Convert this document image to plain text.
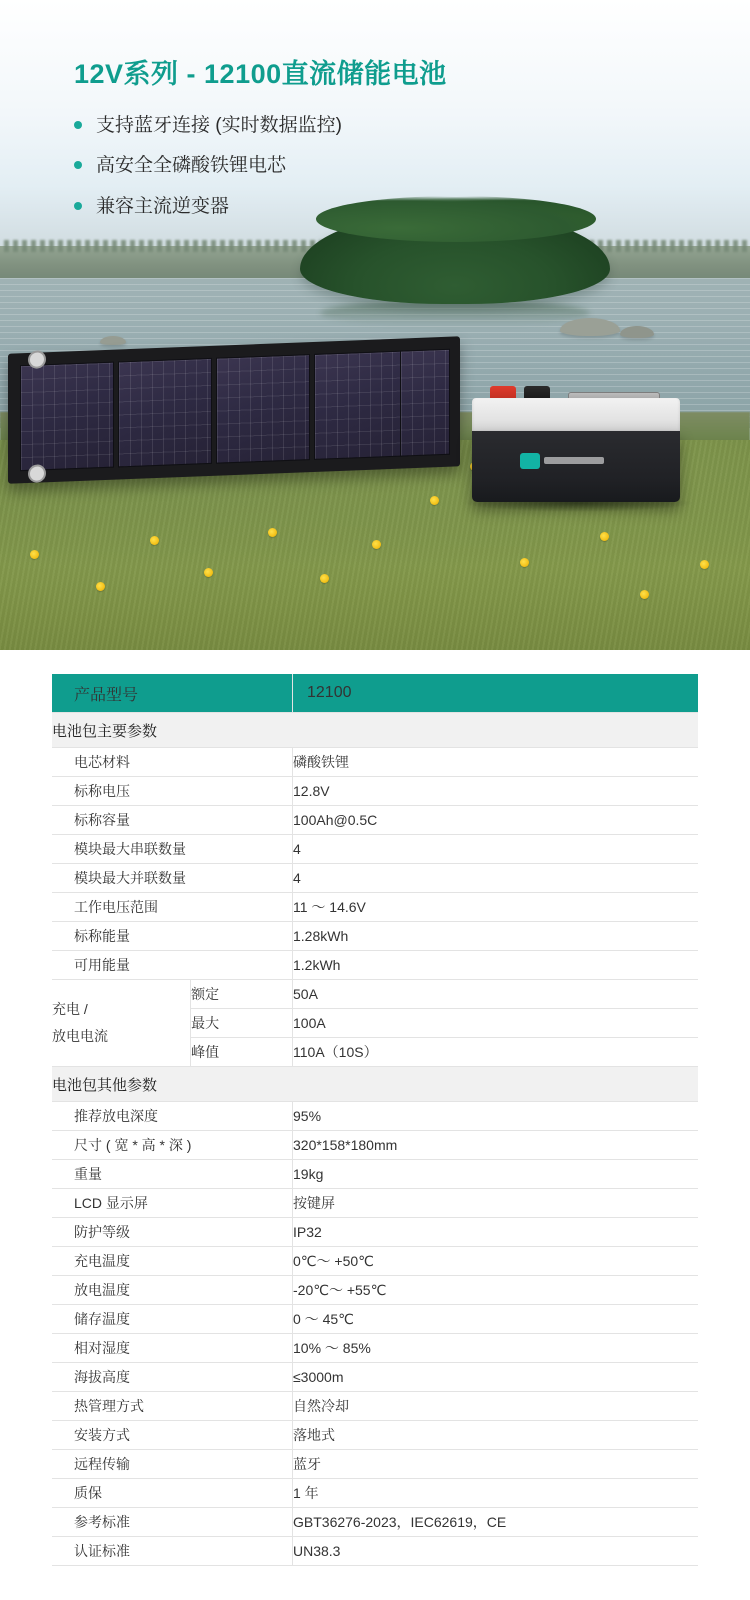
12V系列 - 12100直流储能电池
支持蓝牙连接 (实时数据监控)
高安全全磷酸铁锂电芯
兼容主流逆变器
产品型号		12100
电池包主要参数		
电芯材料		磷酸铁锂
标称电压		12.8V
标称容量		100Ah@0.5C
模块最大串联数量		4
模块最大并联数量		4
工作电压范围		11 ～ 14.6V
标称能量		1.28kWh
可用能量		1.2kWh
充电 /
放电电流	额定	50A
	最大	100A
	峰值	110A（10S）
电池包其他参数		
推荐放电深度		95%
尺寸 ( 宽 * 高 * 深 )		320*158*180mm
重量		19kg
LCD 显示屏		按键屏
防护等级		IP32
充电温度		0℃～ +50℃
放电温度		-20℃～ +55℃
储存温度		0 ～ 45℃
相对湿度		10% ～ 85%
海拔高度		≤3000m
热管理方式		自然冷却
安装方式		落地式
远程传输		蓝牙
质保		1 年
参考标准		GBT36276-2023，IEC62619，CE
认证标准		UN38.3
